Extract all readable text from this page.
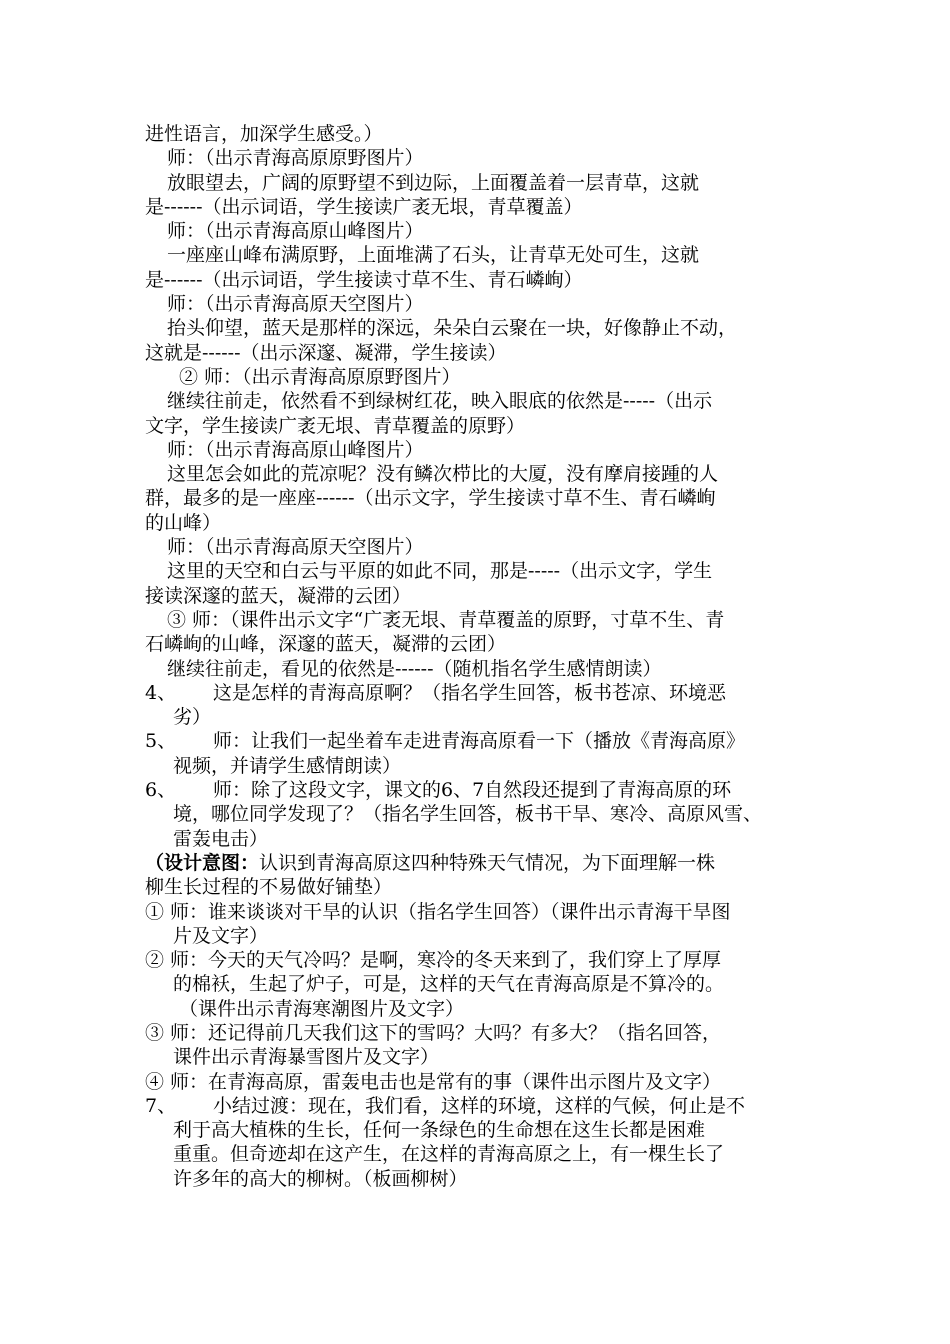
进性语言，加深学生感受。）
师：（出示青海高原原野图片）
放眼望去，广阔的原野望不到边际，上面覆盖着一层青草，这就
是------（出示词语，学生接读广袤无垠，青草覆盖）
师：（出示青海高原山峰图片）
一座座山峰布满原野，上面堆满了石头，让青草无处可生，这就
是------（出示词语，学生接读寸草不生、青石嶙峋）
师：（出示青海高原天空图片）
抬头仰望，蓝天是那样的深远，朵朵白云聚在一块，好像静止不动，
这就是------（出示深邃、凝滞，学生接读）
② 师：（出示青海高原原野图片）
继续往前走，依然看不到绿树红花，映入眼底的依然是-----（出示
文字，学生接读广袤无垠、青草覆盖的原野）
师：（出示青海高原山峰图片）
这里怎会如此的荒凉呢？没有鳞次栉比的大厦，没有摩肩接踵的人
群，最多的是一座座------（出示文字，学生接读寸草不生、青石嶙峋
的山峰）
师：（出示青海高原天空图片）
这里的天空和白云与平原的如此不同，那是-----（出示文字，学生
接读深邃的蓝天，凝滞的云团）
③ 师：（课件出示文字“广袤无垠、青草覆盖的原野，寸草不生、青
石嶙峋的山峰，深邃的蓝天，凝滞的云团）
继续往前走，看见的依然是------（随机指名学生感情朗读）
4、	这是怎样的青海高原啊？（指名学生回答，板书苍凉、环境恶
劣）
5、	师：让我们一起坐着车走进青海高原看一下（播放《青海高原》
视频，并请学生感情朗读）
6、	师：除了这段文字，课文的6、7自然段还提到了青海高原的环
境，哪位同学发现了？（指名学生回答，板书干旱、寒冷、高原风雪、
雷轰电击）
（设计意图：认识到青海高原这四种特殊天气情况，为下面理解一株
柳生长过程的不易做好铺垫）
① 师：谁来谈谈对干旱的认识（指名学生回答）（课件出示青海干旱图
片及文字）
② 师：今天的天气冷吗？是啊，寒冷的冬天来到了，我们穿上了厚厚
的棉袄，生起了炉子，可是，这样的天气在青海高原是不算冷的。
（课件出示青海寒潮图片及文字）
③ 师：还记得前几天我们这下的雪吗？大吗？有多大？（指名回答，
课件出示青海暴雪图片及文字）
④ 师：在青海高原，雷轰电击也是常有的事（课件出示图片及文字）
7、	小结过渡：现在，我们看，这样的环境，这样的气候，何止是不
利于高大植株的生长，任何一条绿色的生命想在这生长都是困难
重重。但奇迹却在这产生，在这样的青海高原之上，有一棵生长了
许多年的高大的柳树。（板画柳树）
